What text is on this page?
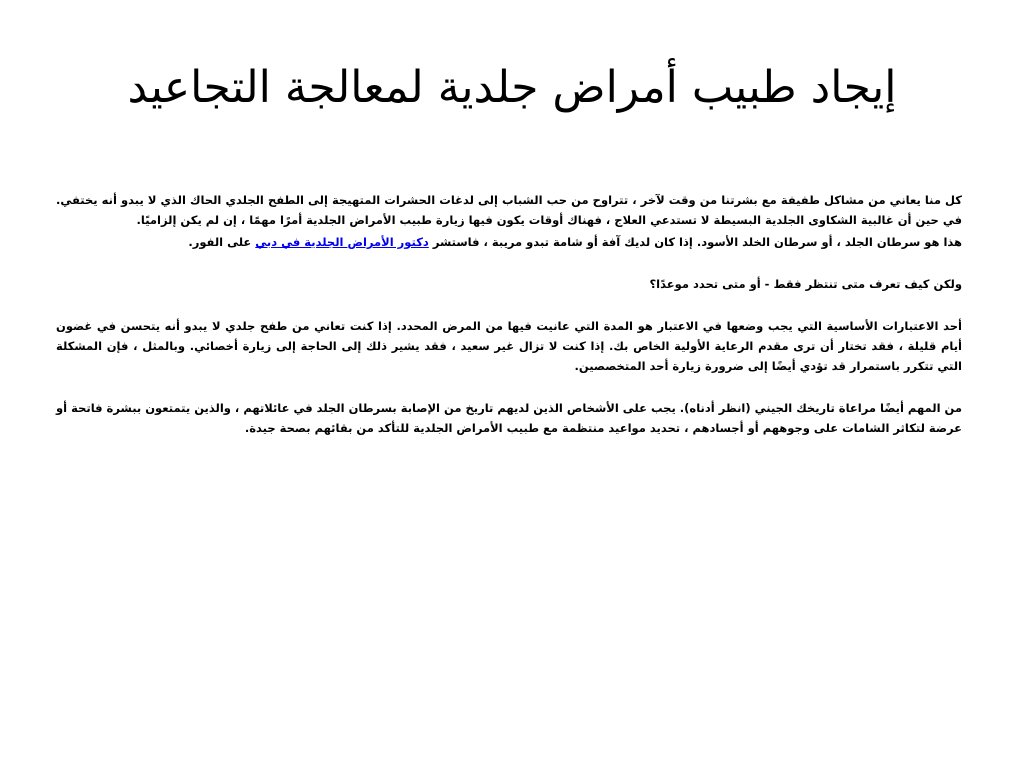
إيجاد طبيب أمراض جلدية لمعالجة التجاعيد

كل منا يعاني من مشاكل طفيفة مع بشرتنا من وقت لآخر ، تتراوح من حب الشباب إلى لدغات الحشرات المتهيجة إلى الطفح الجلدي الحاك الذي لا يبدو أنه يختفي. في حين أن غالبية الشكاوى الجلدية البسيطة لا تستدعي العلاج ، فهناك أوقات يكون فيها زيارة طبيب الأمراض الجلدية أمرًا مهمًا ، إن لم يكن إلزاميًا.

هذا هو سرطان الجلد ، أو سرطان الخلد الأسود. إذا كان لديك آفة أو شامة تبدو مريبة ، فاستشر دكتور الأمراض الجلدية في دبي على الفور.

ولكن كيف تعرف متى تنتظر فقط - أو متى تحدد موعدًا؟

أحد الاعتبارات الأساسية التي يجب وضعها في الاعتبار هو المدة التي عانيت فيها من المرض المحدد. إذا كنت تعاني من طفح جلدي لا يبدو أنه يتحسن في غضون أيام قليلة ، فقد تختار أن ترى مقدم الرعاية الأولية الخاص بك. إذا كنت لا تزال غير سعيد ، فقد يشير ذلك إلى الحاجة إلى زيارة أخصائي. وبالمثل ، فإن المشكلة التي تتكرر باستمرار قد تؤدي أيضًا إلى ضرورة زيارة أحد المتخصصين.

من المهم أيضًا مراعاة تاريخك الجيني (انظر أدناه). يجب على الأشخاص الذين لديهم تاريخ من الإصابة بسرطان الجلد في عائلاتهم ، والذين يتمتعون ببشرة فاتحة أو عرضة لتكاثر الشامات على وجوههم أو أجسادهم ، تحديد مواعيد منتظمة مع طبيب الأمراض الجلدية للتأكد من بقائهم بصحة جيدة.
